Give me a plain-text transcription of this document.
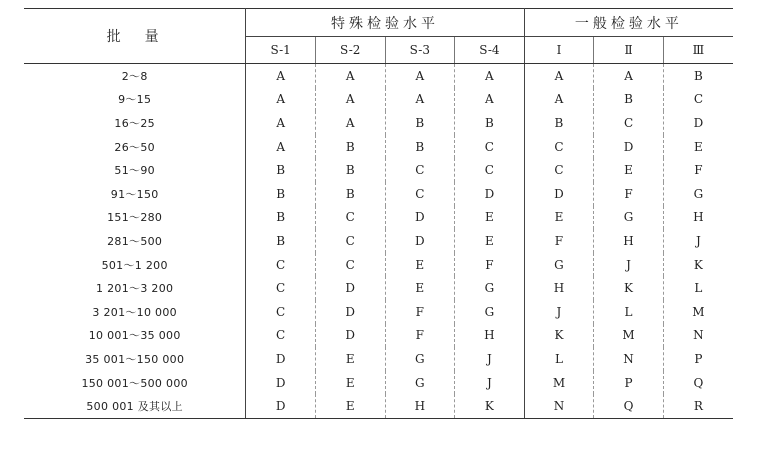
批量	特殊检验水平				一般检验水平		
	S-1	S-2	S-3	S-4	Ⅰ	Ⅱ	Ⅲ
2～8	A	A	A	A	A	A	B
9～15	A	A	A	A	A	B	C
16～25	A	A	B	B	B	C	D
26～50	A	B	B	C	C	D	E
51～90	B	B	C	C	C	E	F
91～150	B	B	C	D	D	F	G
151～280	B	C	D	E	E	G	H
281～500	B	C	D	E	F	H	J
501～1 200	C	C	E	F	G	J	K
1 201～3 200	C	D	E	G	H	K	L
3 201～10 000	C	D	F	G	J	L	M
10 001～35 000	C	D	F	H	K	M	N
35 001～150 000	D	E	G	J	L	N	P
150 001～500 000	D	E	G	J	M	P	Q
500 001 及其以上	D	E	H	K	N	Q	R
